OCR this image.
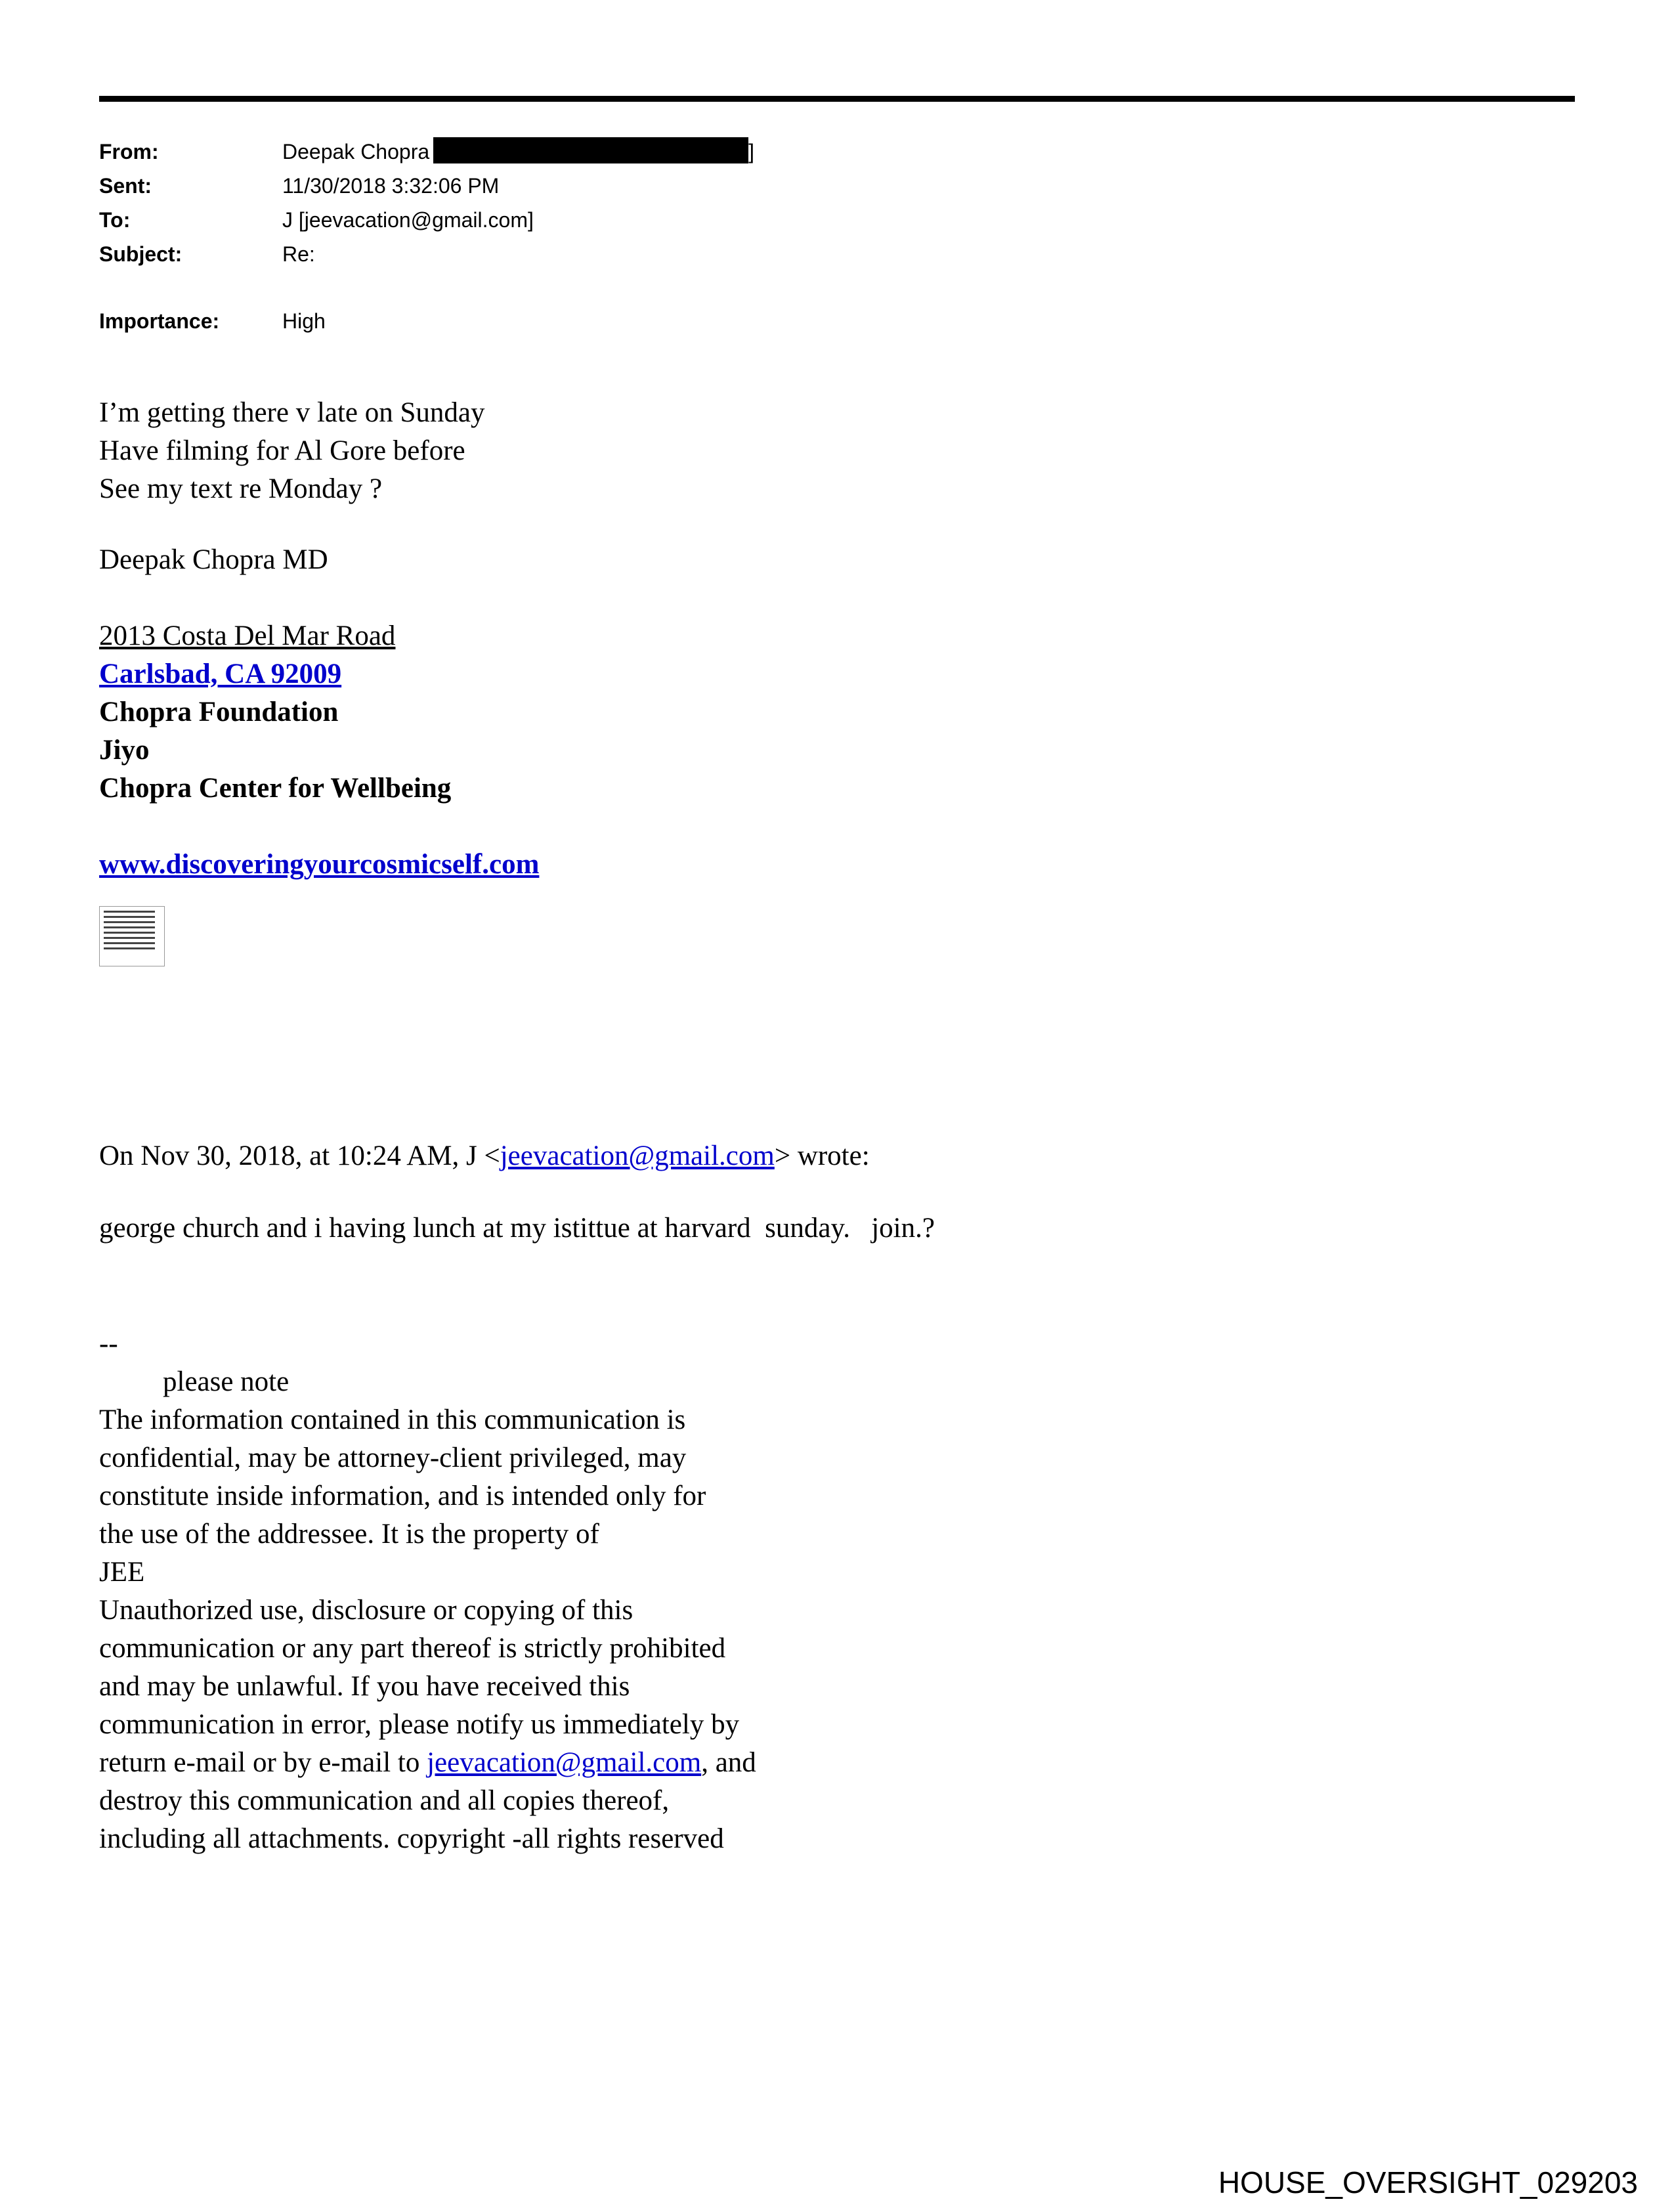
From:	Deepak Chopra	]
Sent:	11/30/2018 3:32:06 PM
To:	J [jeevacation@gmail.com]
Subject:	Re:
Importance:	High
I’m getting there v late on Sunday
Have filming for Al Gore before
See my text re Monday ?
Deepak Chopra MD
2013 Costa Del Mar Road
Carlsbad, CA 92009
Chopra Foundation
Jiyo
Chopra Center for Wellbeing
www.discoveringyourcosmicself.com
On Nov 30, 2018, at 10:24 AM, J <jeevacation@gmail.com> wrote:
george church and i having lunch at my istittue at harvard  sunday.   join.?
--
please note
The information contained in this communication is
confidential, may be attorney-client privileged, may
constitute inside information, and is intended only for
the use of the addressee. It is the property of
JEE
Unauthorized use, disclosure or copying of this
communication or any part thereof is strictly prohibited
and may be unlawful. If you have received this
communication in error, please notify us immediately by
return e-mail or by e-mail to jeevacation@gmail.com, and
destroy this communication and all copies thereof,
including all attachments. copyright -all rights reserved
HOUSE_OVERSIGHT_029203
